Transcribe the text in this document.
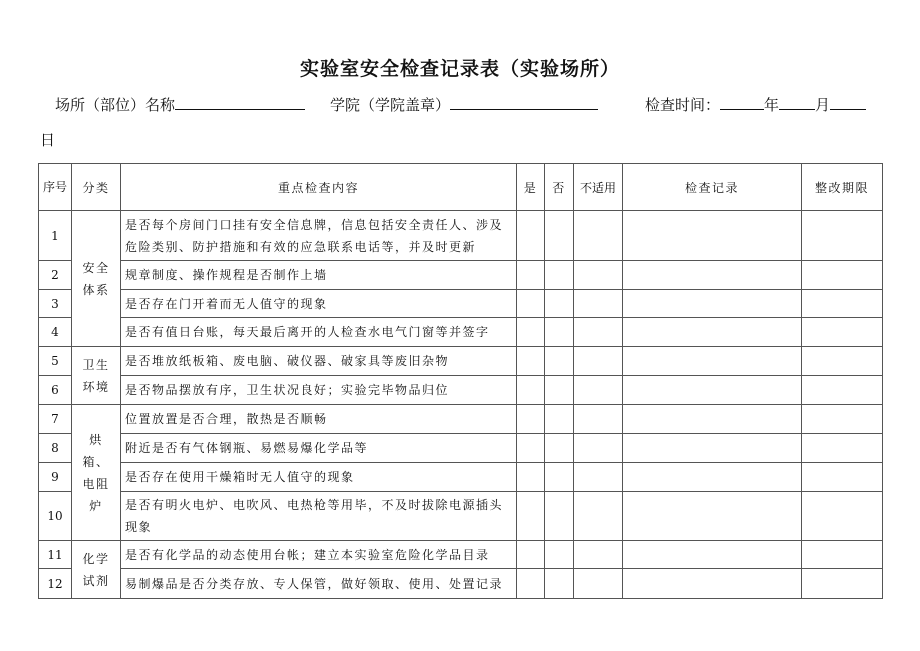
实验室安全检查记录表（实验场所）
场所（部位）名称	学院（学院盖章）	检查时间：	年 月
日
序号	分类	重点检查内容	是	否	不适用	检查记录	整改期限
1	安全体系	是否每个房间门口挂有安全信息牌，信息包括安全责任人、涉及危险类别、防护措施和有效的应急联系电话等，并及时更新					
2		规章制度、操作规程是否制作上墙					
3		是否存在门开着而无人值守的现象					
4		是否有值日台账，每天最后离开的人检查水电气门窗等并签字					
5	卫生环境	是否堆放纸板箱、废电脑、破仪器、破家具等废旧杂物					
6		是否物品摆放有序，卫生状况良好；实验完毕物品归位					
7	烘箱、电阻炉	位置放置是否合理，散热是否顺畅					
8		附近是否有气体钢瓶、易燃易爆化学品等					
9		是否存在使用干燥箱时无人值守的现象					
10		是否有明火电炉、电吹风、电热枪等用毕，不及时拔除电源插头现象					
11	化学试剂	是否有化学品的动态使用台帐；建立本实验室危险化学品目录					
12		易制爆品是否分类存放、专人保管，做好领取、使用、处置记录					
